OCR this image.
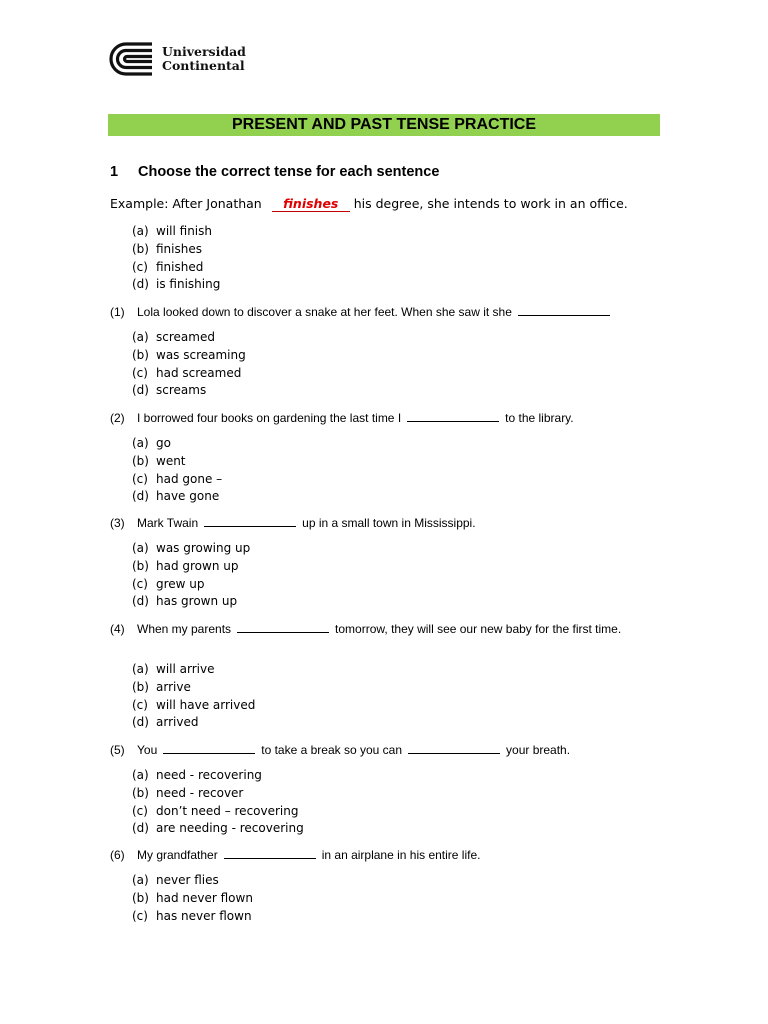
Universidad
Continental
PRESENT AND PAST TENSE PRACTICE
1 Choose the correct tense for each sentence
Example: After Jonathan finishes his degree, she intends to work in an office.
(a) will finish
(b) finishes
(c) finished
(d) is finishing
(1) Lola looked down to discover a snake at her feet. When she saw it she
(a) screamed
(b) was screaming
(c) had screamed
(d) screams
(2) I borrowed four books on gardening the last time I	to the library.
(a) go
(b) went
(c) had gone –
(d) have gone
(3) Mark Twain	up in a small town in Mississippi.
(a) was growing up
(b) had grown up
(c) grew up
(d) has grown up
(4) When my parents	tomorrow, they will see our new baby for the first time.
(a) will arrive
(b) arrive
(c) will have arrived
(d) arrived
(5) You	to take a break so you can	your breath.
(a) need - recovering
(b) need - recover
(c) don’t need – recovering
(d) are needing - recovering
(6) My grandfather	in an airplane in his entire life.
(a) never flies
(b) had never flown
(c) has never flown
